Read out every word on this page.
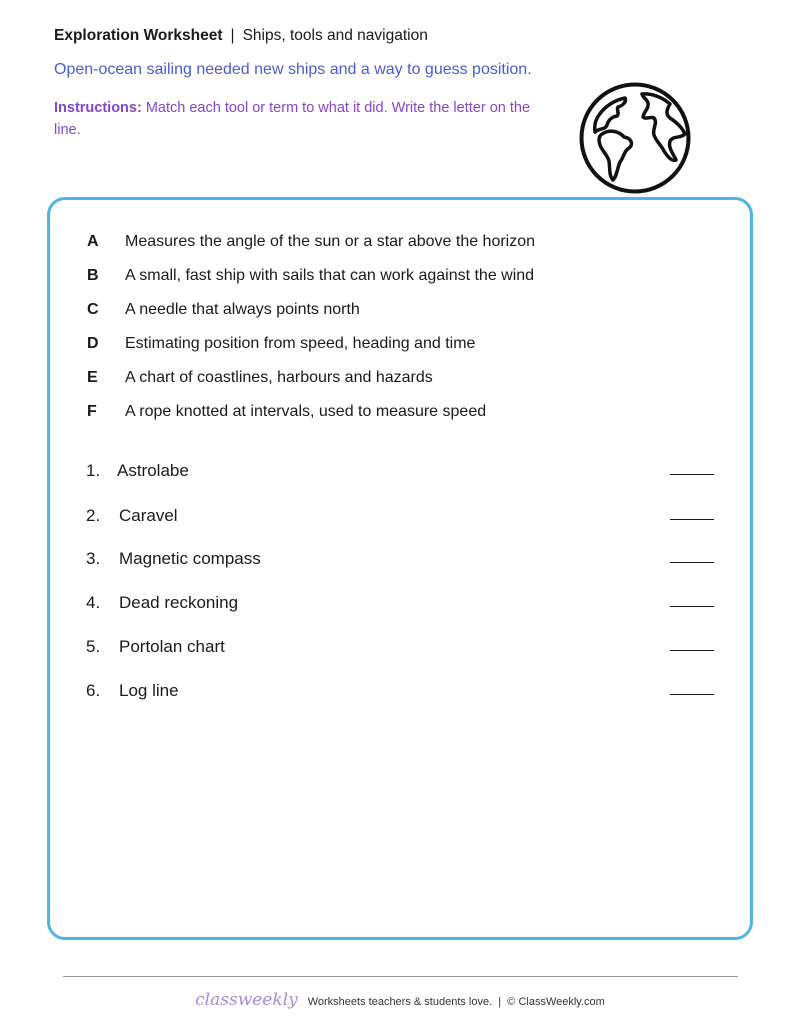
Exploration Worksheet | Ships, tools and navigation
Open-ocean sailing needed new ships and a way to guess position.
Instructions: Match each tool or term to what it did. Write the letter on the line.
A Measures the angle of the sun or a star above the horizon
B A small, fast ship with sails that can work against the wind
C A needle that always points north
D Estimating position from speed, heading and time
E A chart of coastlines, harbours and hazards
F A rope knotted at intervals, used to measure speed
1. Astrolabe
2. Caravel
3. Magnetic compass
4. Dead reckoning
5. Portolan chart
6. Log line
classweekly Worksheets teachers & students love. | © ClassWeekly.com
